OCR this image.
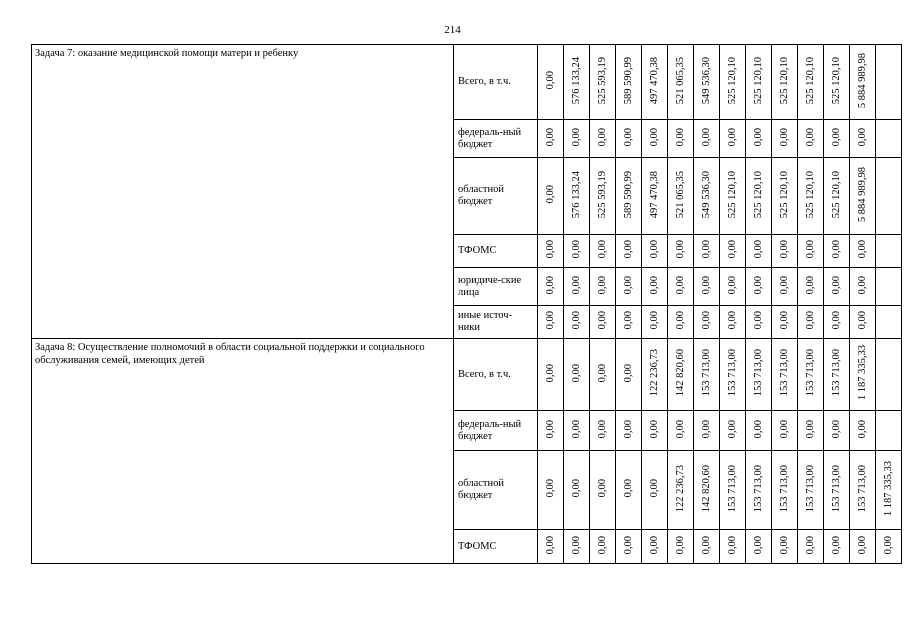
214
Задача 7: оказание медицинской помощи матери и ребенку	Всего, в т.ч.	0,00	576 133,24	525 593,19	589 590,99	497 470,38	521 065,35	549 536,30	525 120,10	525 120,10	525 120,10	525 120,10	525 120,10	5 884 989,98	
	федераль-ный бюджет	0,00	0,00	0,00	0,00	0,00	0,00	0,00	0,00	0,00	0,00	0,00	0,00	0,00	
	областной бюджет	0,00	576 133,24	525 593,19	589 590,99	497 470,38	521 065,35	549 536,30	525 120,10	525 120,10	525 120,10	525 120,10	525 120,10	5 884 989,98	
	ТФОМС	0,00	0,00	0,00	0,00	0,00	0,00	0,00	0,00	0,00	0,00	0,00	0,00	0,00	
	юридиче-ские лица	0,00	0,00	0,00	0,00	0,00	0,00	0,00	0,00	0,00	0,00	0,00	0,00	0,00	
	иные источ-ники	0,00	0,00	0,00	0,00	0,00	0,00	0,00	0,00	0,00	0,00	0,00	0,00	0,00	
Задача 8: Осуществление полномочий в области социальной поддержки и социального обслуживания семей, имеющих детей	Всего, в т.ч.	0,00	0,00	0,00	0,00	122 236,73	142 820,60	153 713,00	153 713,00	153 713,00	153 713,00	153 713,00	153 713,00	1 187 335,33	
	федераль-ный бюджет	0,00	0,00	0,00	0,00	0,00	0,00	0,00	0,00	0,00	0,00	0,00	0,00	0,00	
	областной бюджет	0,00	0,00	0,00	0,00	0,00	122 236,73	142 820,60	153 713,00	153 713,00	153 713,00	153 713,00	153 713,00	153 713,00	1 187 335,33
	ТФОМС	0,00	0,00	0,00	0,00	0,00	0,00	0,00	0,00	0,00	0,00	0,00	0,00	0,00	0,00
